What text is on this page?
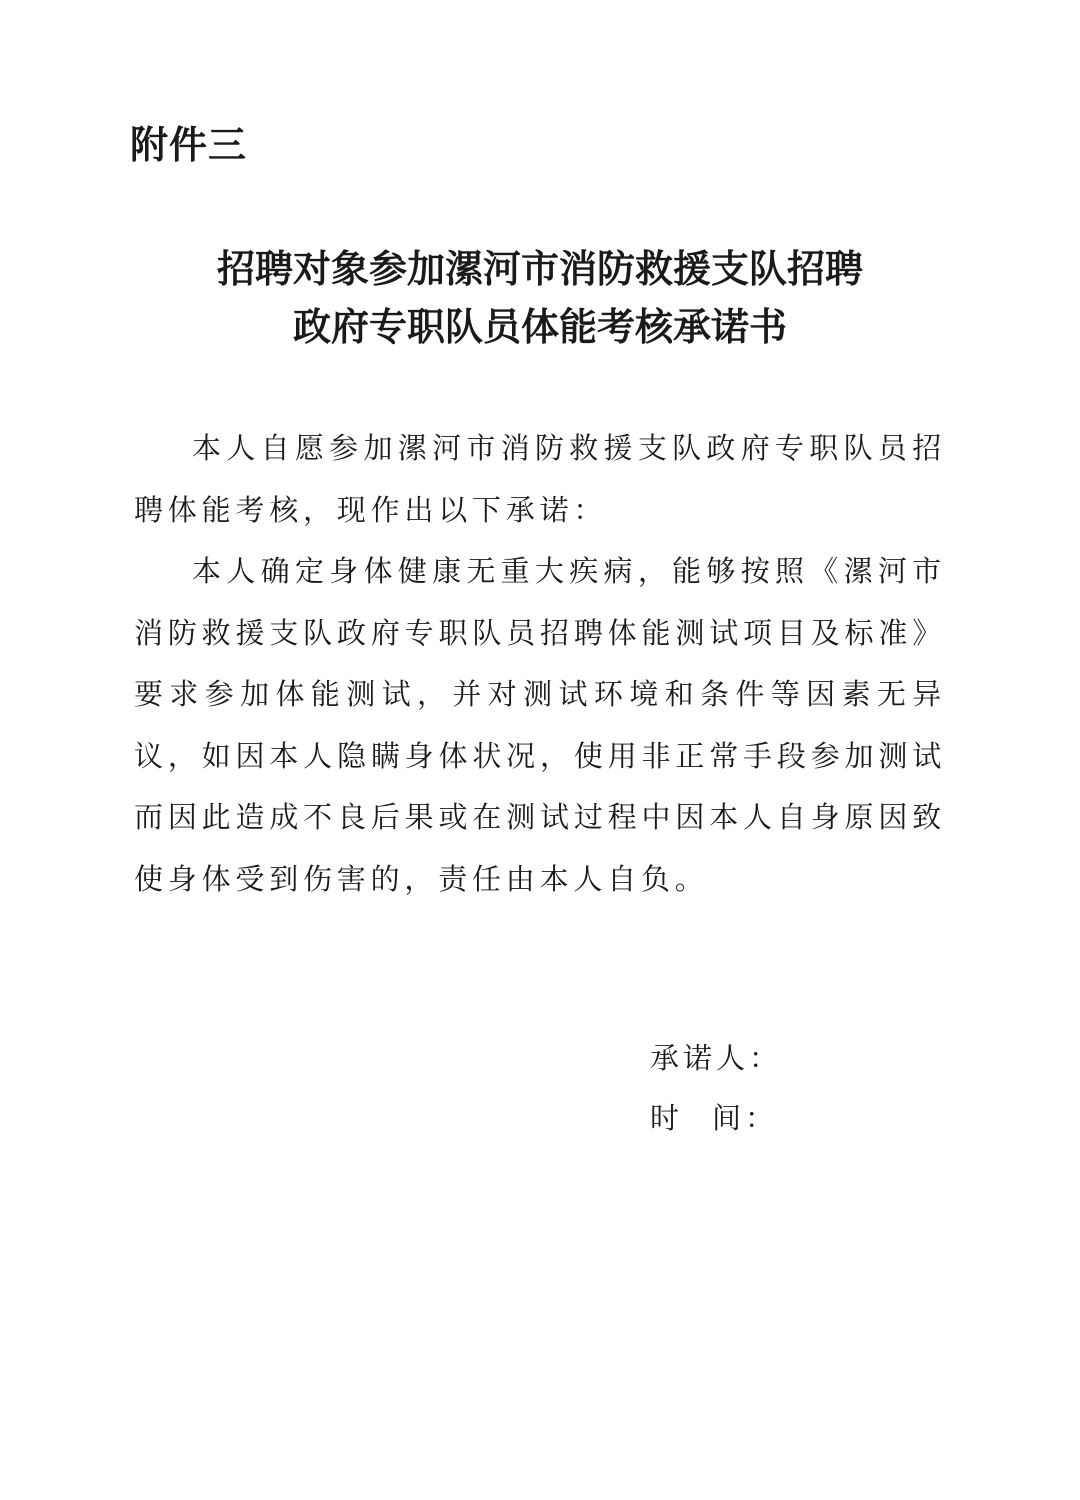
附件三
招聘对象参加漯河市消防救援支队招聘
政府专职队员体能考核承诺书

本人自愿参加漯河市消防救援支队政府专职队员招聘体能考核，现作出以下承诺：

本人确定身体健康无重大疾病，能够按照《漯河市消防救援支队政府专职队员招聘体能测试项目及标准》要求参加体能测试，并对测试环境和条件等因素无异议，如因本人隐瞒身体状况，使用非正常手段参加测试而因此造成不良后果或在测试过程中因本人自身原因致使身体受到伤害的，责任由本人自负。

承诺人：
时间：
